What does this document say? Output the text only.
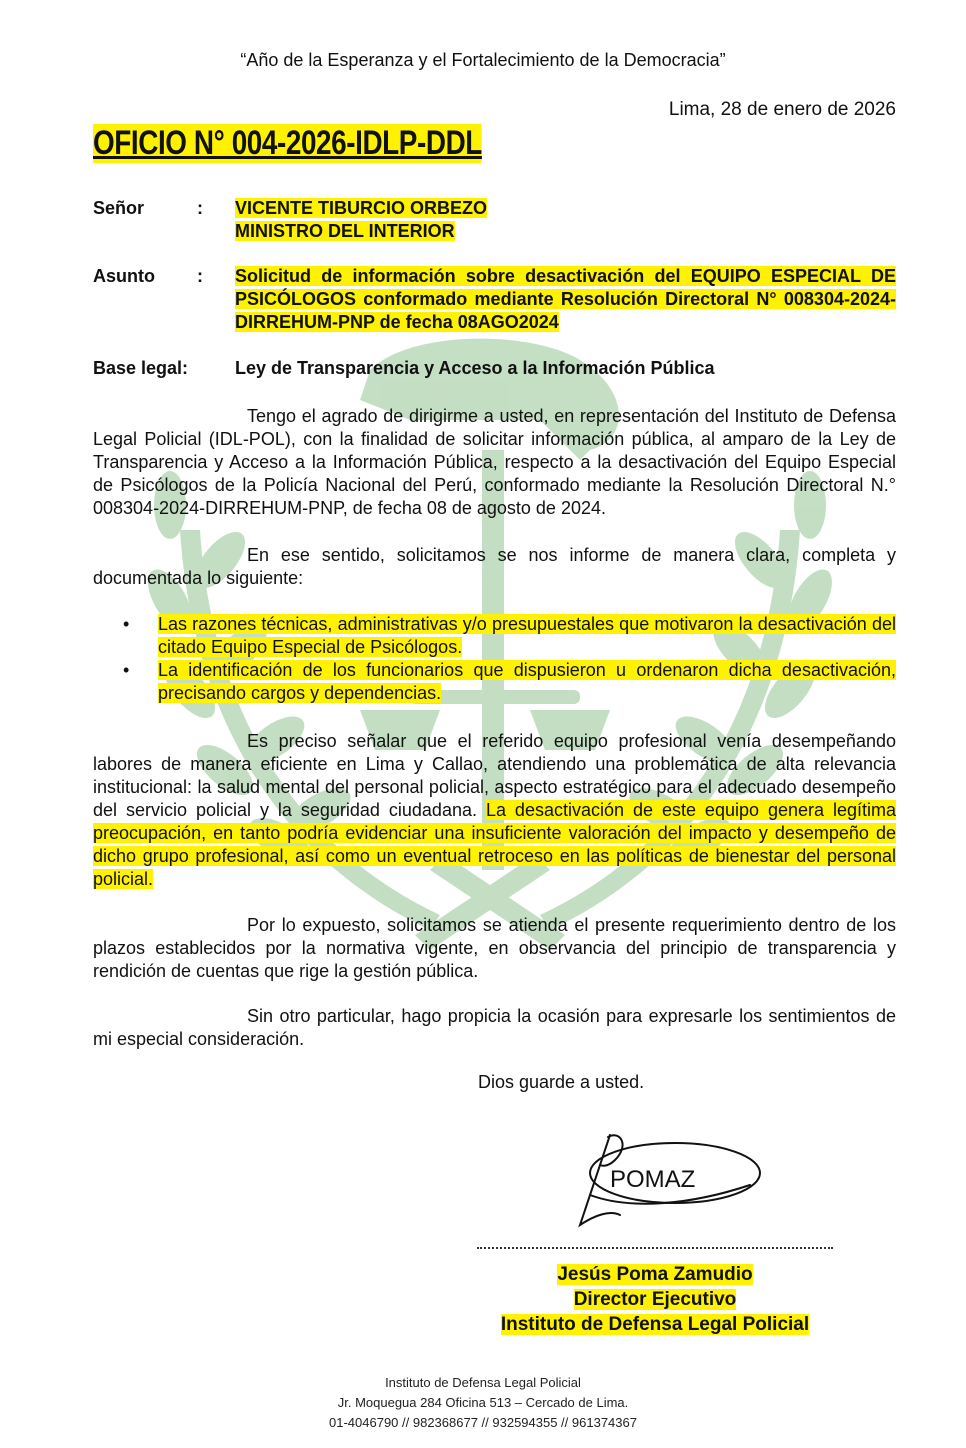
“Año de la Esperanza y el Fortalecimiento de la Democracia”
Lima, 28 de enero de 2026
OFICIO N° 004-2026-IDLP-DDL
Señor	: VICENTE TIBURCIO ORBEZO
MINISTRO DEL INTERIOR
Asunto : Solicitud de información sobre desactivación del EQUIPO ESPECIAL DE PSICÓLOGOS conformado mediante Resolución Directoral N° 008304-2024-DIRREHUM-PNP de fecha 08AGO2024
Base legal:	Ley de Transparencia y Acceso a la Información Pública
Tengo el agrado de dirigirme a usted, en representación del Instituto de Defensa Legal Policial (IDL-POL), con la finalidad de solicitar información pública, al amparo de la Ley de Transparencia y Acceso a la Información Pública, respecto a la desactivación del Equipo Especial de Psicólogos de la Policía Nacional del Perú, conformado mediante la Resolución Directoral N.° 008304-2024-DIRREHUM-PNP, de fecha 08 de agosto de 2024.
En ese sentido, solicitamos se nos informe de manera clara, completa y documentada lo siguiente:
• Las razones técnicas, administrativas y/o presupuestales que motivaron la desactivación del citado Equipo Especial de Psicólogos.
• La identificación de los funcionarios que dispusieron u ordenaron dicha desactivación, precisando cargos y dependencias.
Es preciso señalar que el referido equipo profesional venía desempeñando labores de manera eficiente en Lima y Callao, atendiendo una problemática de alta relevancia institucional: la salud mental del personal policial, aspecto estratégico para el adecuado desempeño del servicio policial y la seguridad ciudadana. La desactivación de este equipo genera legítima preocupación, en tanto podría evidenciar una insuficiente valoración del impacto y desempeño de dicho grupo profesional, así como un eventual retroceso en las políticas de bienestar del personal policial.
Por lo expuesto, solicitamos se atienda el presente requerimiento dentro de los plazos establecidos por la normativa vigente, en observancia del principio de transparencia y rendición de cuentas que rige la gestión pública.
Sin otro particular, hago propicia la ocasión para expresarle los sentimientos de mi especial consideración.
Dios guarde a usted.
POMAZ
Jesús Poma Zamudio
Director Ejecutivo
Instituto de Defensa Legal Policial
Instituto de Defensa Legal Policial
Jr. Moquegua 284 Oficina 513 – Cercado de Lima.
01-4046790 // 982368677 // 932594355 // 961374367
